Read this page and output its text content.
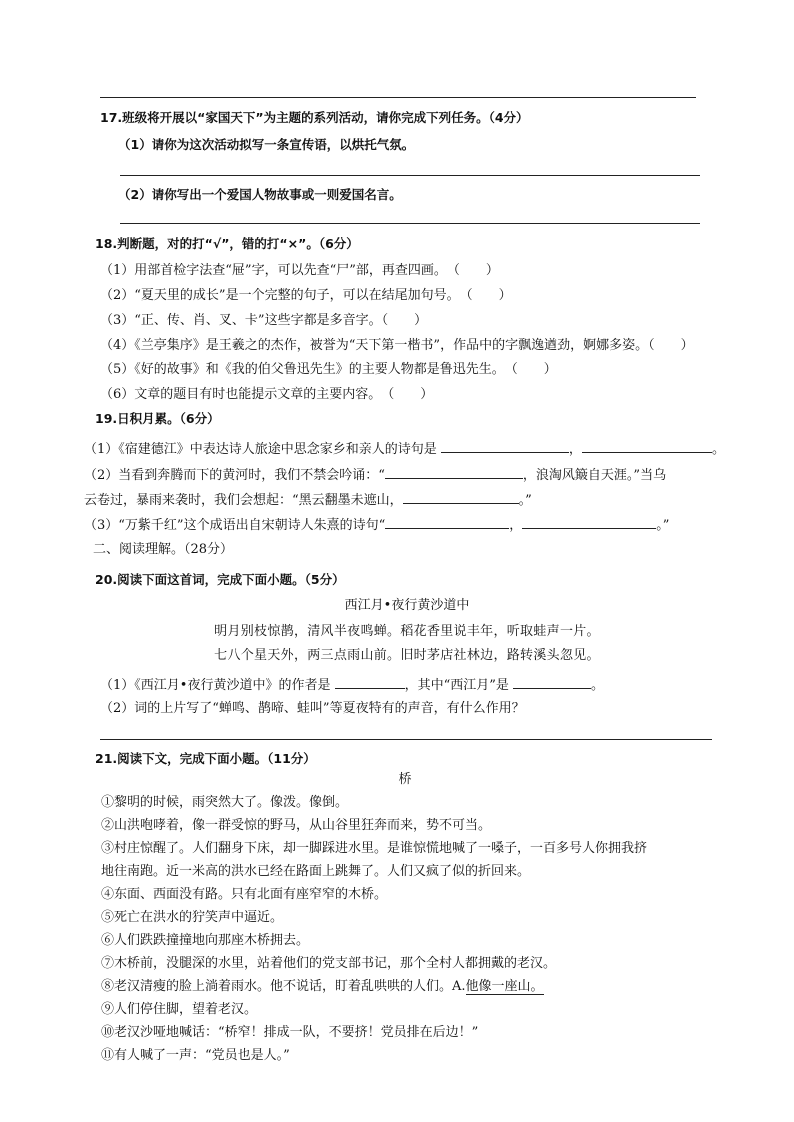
17.班级将开展以“家国天下”为主题的系列活动，请你完成下列任务。（4分）
（1）请你为这次活动拟写一条宣传语，以烘托气氛。
（2）请你写出一个爱国人物故事或一则爱国名言。
18.判断题，对的打“√”，错的打“×”。（6分）
（1）用部首检字法查“屉”字，可以先查“尸”部，再查四画。　（　　）
（2）“夏天里的成长”是一个完整的句子，可以在结尾加句号。　（　　）
（3）“正、传、肖、叉、卡”这些字都是多音字。（　　）
（4）《兰亭集序》是王羲之的杰作，被誉为“天下第一楷书”，作品中的字飘逸遒劲，婀娜多姿。（　　）
（5）《好的故事》和《我的伯父鲁迅先生》的主要人物都是鲁迅先生。　（　　）
（6）文章的题目有时也能提示文章的主要内容。　（　　）
19.日积月累。（6分）
（1）《宿建德江》中表达诗人旅途中思念家乡和亲人的诗句是	，	。
（2）当看到奔腾而下的黄河时，我们不禁会吟诵：“	，浪淘风簸自天涯。”当乌
云卷过，暴雨来袭时，我们会想起：“黑云翻墨未遮山，	。”
（3）“万紫千红”这个成语出自宋朝诗人朱熹的诗句“	，	。”
二、阅读理解。（28分）
20.阅读下面这首词，完成下面小题。（5分）
西江月•夜行黄沙道中
明月别枝惊鹊，清风半夜鸣蝉。稻花香里说丰年，听取蛙声一片。
七八个星天外，两三点雨山前。旧时茅店社林边，路转溪头忽见。
（1）《西江月•夜行黄沙道中》的作者是	，其中“西江月”是	。
（2）词的上片写了“蝉鸣、鹊啼、蛙叫”等夏夜特有的声音，有什么作用？
21.阅读下文，完成下面小题。（11分）
桥
①黎明的时候，雨突然大了。像泼。像倒。
②山洪咆哮着，像一群受惊的野马，从山谷里狂奔而来，势不可当。
③村庄惊醒了。人们翻身下床，却一脚踩进水里。是谁惊慌地喊了一嗓子，一百多号人你拥我挤
地往南跑。近一米高的洪水已经在路面上跳舞了。人们又疯了似的折回来。
④东面、西面没有路。只有北面有座窄窄的木桥。
⑤死亡在洪水的狞笑声中逼近。
⑥人们跌跌撞撞地向那座木桥拥去。
⑦木桥前，没腿深的水里，站着他们的党支部书记，那个全村人都拥戴的老汉。
⑧老汉清瘦的脸上淌着雨水。他不说话，盯着乱哄哄的人们。A.他像一座山。
⑨人们停住脚，望着老汉。
⑩老汉沙哑地喊话：“桥窄！排成一队，不要挤！党员排在后边！”
⑪有人喊了一声：“党员也是人。”
